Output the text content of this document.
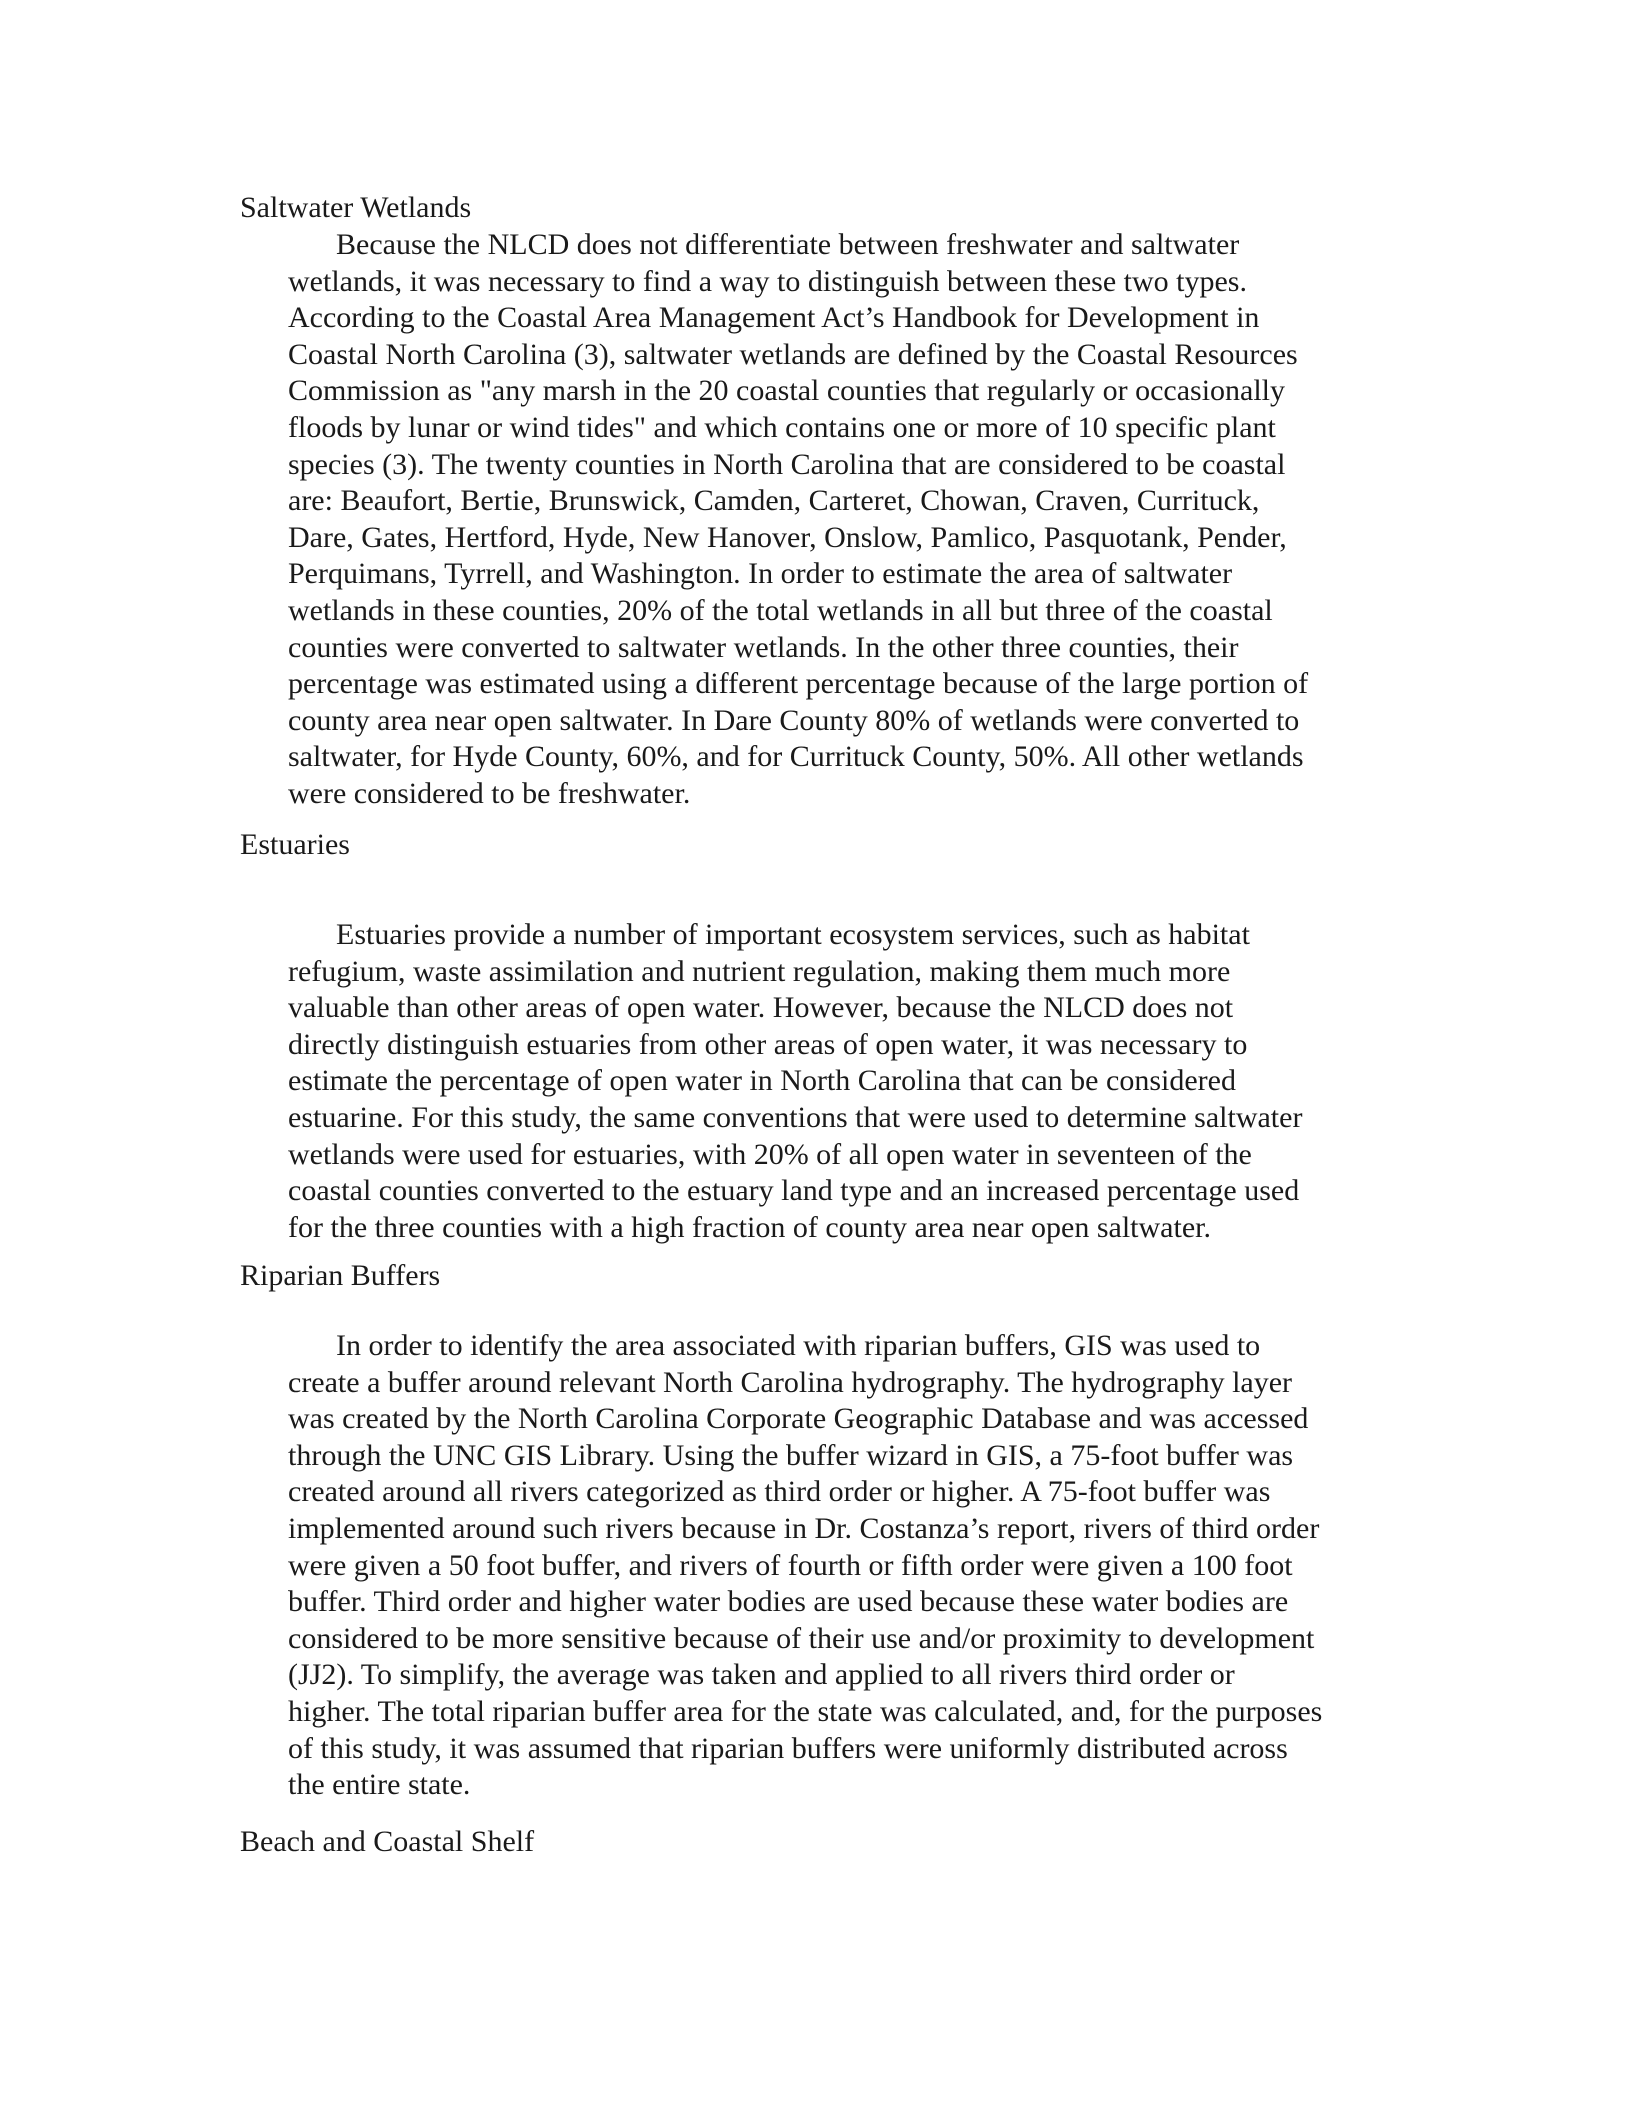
Saltwater Wetlands
Because the NLCD does not differentiate between freshwater and saltwater
wetlands, it was necessary to find a way to distinguish between these two types.
According to the Coastal Area Management Act’s Handbook for Development in
Coastal North Carolina (3), saltwater wetlands are defined by the Coastal Resources
Commission as "any marsh in the 20 coastal counties that regularly or occasionally
floods by lunar or wind tides" and which contains one or more of 10 specific plant
species (3). The twenty counties in North Carolina that are considered to be coastal
are: Beaufort, Bertie, Brunswick, Camden, Carteret, Chowan, Craven, Currituck,
Dare, Gates, Hertford, Hyde, New Hanover, Onslow, Pamlico, Pasquotank, Pender,
Perquimans, Tyrrell, and Washington. In order to estimate the area of saltwater
wetlands in these counties, 20% of the total wetlands in all but three of the coastal
counties were converted to saltwater wetlands. In the other three counties, their
percentage was estimated using a different percentage because of the large portion of
county area near open saltwater. In Dare County 80% of wetlands were converted to
saltwater, for Hyde County, 60%, and for Currituck County, 50%. All other wetlands
were considered to be freshwater.
Estuaries
Estuaries provide a number of important ecosystem services, such as habitat
refugium, waste assimilation and nutrient regulation, making them much more
valuable than other areas of open water. However, because the NLCD does not
directly distinguish estuaries from other areas of open water, it was necessary to
estimate the percentage of open water in North Carolina that can be considered
estuarine. For this study, the same conventions that were used to determine saltwater
wetlands were used for estuaries, with 20% of all open water in seventeen of the
coastal counties converted to the estuary land type and an increased percentage used
for the three counties with a high fraction of county area near open saltwater.
Riparian Buffers
In order to identify the area associated with riparian buffers, GIS was used to
create a buffer around relevant North Carolina hydrography. The hydrography layer
was created by the North Carolina Corporate Geographic Database and was accessed
through the UNC GIS Library. Using the buffer wizard in GIS, a 75-foot buffer was
created around all rivers categorized as third order or higher. A 75-foot buffer was
implemented around such rivers because in Dr. Costanza’s report, rivers of third order
were given a 50 foot buffer, and rivers of fourth or fifth order were given a 100 foot
buffer. Third order and higher water bodies are used because these water bodies are
considered to be more sensitive because of their use and/or proximity to development
(JJ2). To simplify, the average was taken and applied to all rivers third order or
higher. The total riparian buffer area for the state was calculated, and, for the purposes
of this study, it was assumed that riparian buffers were uniformly distributed across
the entire state.
Beach and Coastal Shelf
